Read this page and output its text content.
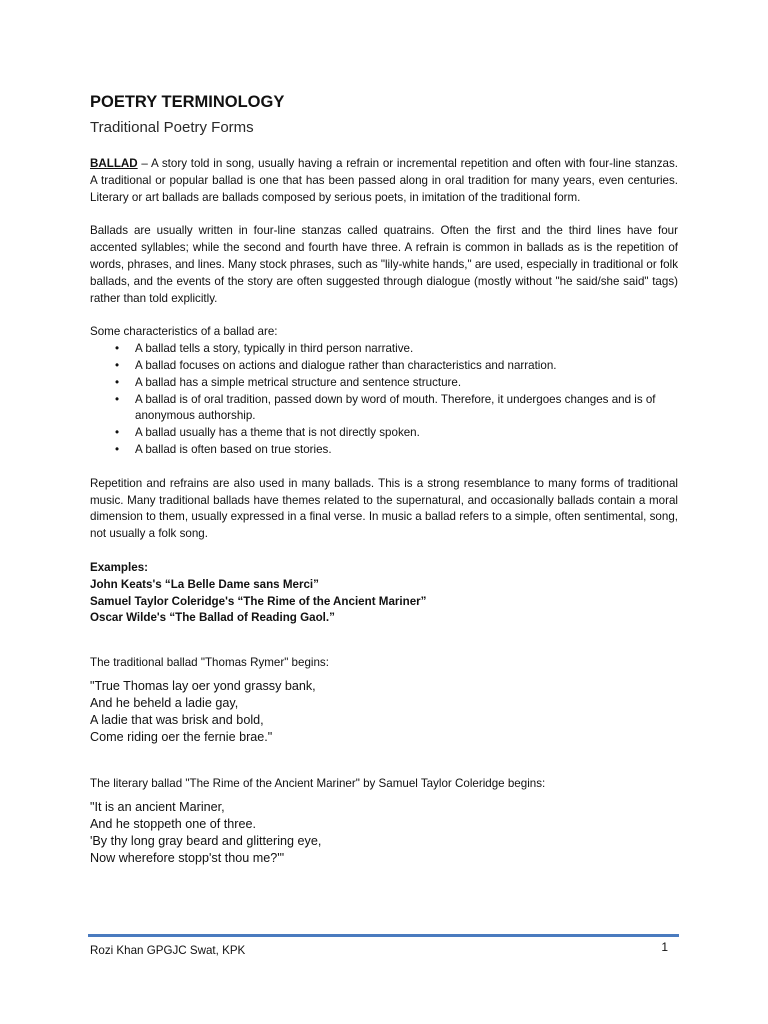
POETRY TERMINOLOGY
Traditional Poetry Forms

BALLAD – A story told in song, usually having a refrain or incremental repetition and often with four-line stanzas. A traditional or popular ballad is one that has been passed along in oral tradition for many years, even centuries. Literary or art ballads are ballads composed by serious poets, in imitation of the traditional form.

Ballads are usually written in four-line stanzas called quatrains. Often the first and the third lines have four accented syllables; while the second and fourth have three. A refrain is common in ballads as is the repetition of words, phrases, and lines. Many stock phrases, such as "lily-white hands," are used, especially in traditional or folk ballads, and the events of the story are often suggested through dialogue (mostly without "he said/she said" tags) rather than told explicitly.

Some characteristics of a ballad are:

• A ballad tells a story, typically in third person narrative.
• A ballad focuses on actions and dialogue rather than characteristics and narration.
• A ballad has a simple metrical structure and sentence structure.
• A ballad is of oral tradition, passed down by word of mouth. Therefore, it undergoes changes and is of anonymous authorship.
• A ballad usually has a theme that is not directly spoken.
• A ballad is often based on true stories.

Repetition and refrains are also used in many ballads. This is a strong resemblance to many forms of traditional music. Many traditional ballads have themes related to the supernatural, and occasionally ballads contain a moral dimension to them, usually expressed in a final verse. In music a ballad refers to a simple, often sentimental, song, not usually a folk song.

Examples:

John Keats's “La Belle Dame sans Merci”

Samuel Taylor Coleridge's “The Rime of the Ancient Mariner”

Oscar Wilde's “The Ballad of Reading Gaol.”

The traditional ballad "Thomas Rymer" begins:

"True Thomas lay oer yond grassy bank,
And he beheld a ladie gay,
A ladie that was brisk and bold,
Come riding oer the fernie brae."

The literary ballad "The Rime of the Ancient Mariner" by Samuel Taylor Coleridge begins:

"It is an ancient Mariner,
And he stoppeth one of three.
'By thy long gray beard and glittering eye,
Now wherefore stopp'st thou me?'"
Rozi Khan GPGJC Swat, KPK	1
